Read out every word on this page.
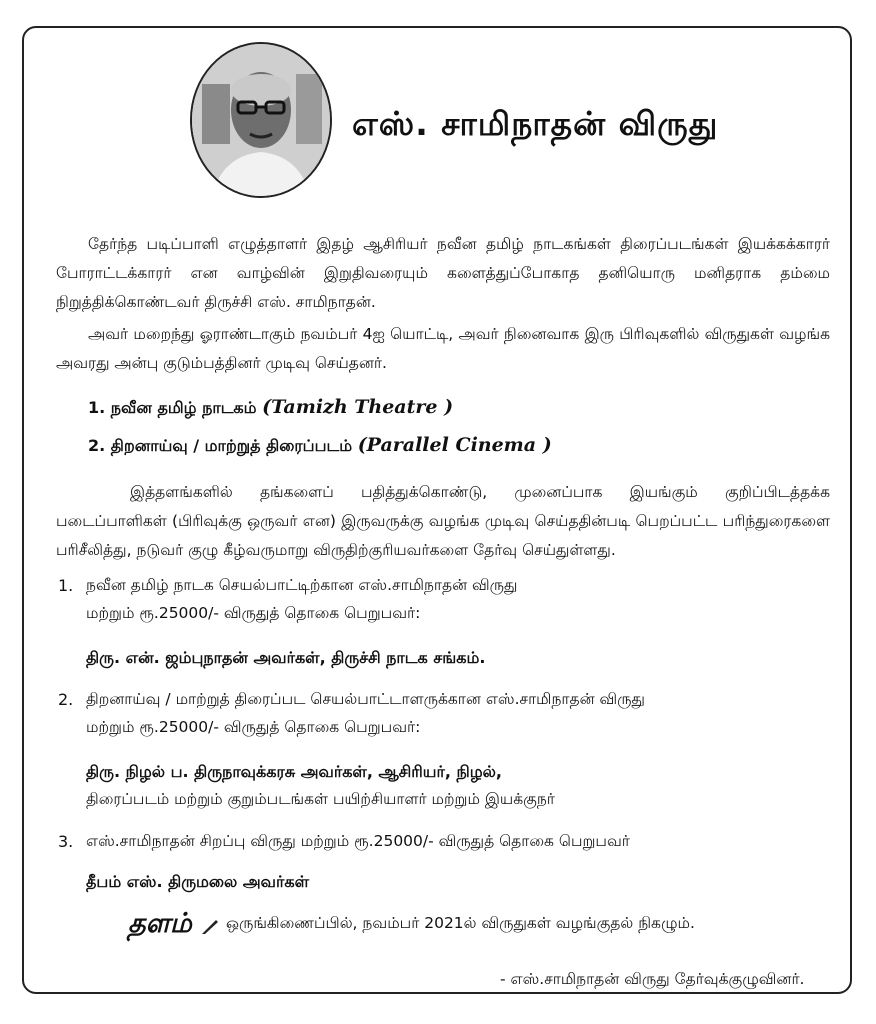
எஸ். சாமிநாதன் விருது

தேர்ந்த படிப்பாளி எழுத்தாளர் இதழ் ஆசிரியர் நவீன தமிழ் நாடகங்கள் திரைப்படங்கள் இயக்கக்காரர் போராட்டக்காரர் என வாழ்வின் இறுதிவரையும் களைத்துப்போகாத தனியொரு மனிதராக தம்மை நிறுத்திக்கொண்டவர் திருச்சி எஸ். சாமிநாதன்.

அவர் மறைந்து ஓராண்டாகும் நவம்பர் 4ஐ யொட்டி, அவர் நினைவாக இரு பிரிவுகளில் விருதுகள் வழங்க அவரது அன்பு குடும்பத்தினர் முடிவு செய்தனர்.

1. நவீன தமிழ் நாடகம் (Tamizh Theatre )
2. திறனாய்வு / மாற்றுத் திரைப்படம் (Parallel Cinema )

இத்தளங்களில் தங்களைப் பதித்துக்கொண்டு, முனைப்பாக இயங்கும் குறிப்பிடத்தக்க படைப்பாளிகள் (பிரிவுக்கு ஒருவர் என) இருவருக்கு வழங்க முடிவு செய்ததின்படி பெறப்பட்ட பரிந்துரைகளை பரிசீலித்து, நடுவர் குழு கீழ்வருமாறு விருதிற்குரியவர்களை தேர்வு செய்துள்ளது.

1. நவீன தமிழ் நாடக செயல்பாட்டிற்கான எஸ்.சாமிநாதன் விருது
மற்றும் ரூ.25000/- விருதுத் தொகை பெறுபவர்:
திரு. என். ஜம்புநாதன் அவர்கள், திருச்சி நாடக சங்கம்.
2. திறனாய்வு / மாற்றுத் திரைப்பட செயல்பாட்டாளருக்கான எஸ்.சாமிநாதன் விருது
மற்றும் ரூ.25000/- விருதுத் தொகை பெறுபவர்:
திரு. நிழல் ப. திருநாவுக்கரசு அவர்கள், ஆசிரியர், நிழல்,
திரைப்படம் மற்றும் குறும்படங்கள் பயிற்சியாளர் மற்றும் இயக்குநர்
3. எஸ்.சாமிநாதன் சிறப்பு விருது மற்றும் ரூ.25000/- விருதுத் தொகை பெறுபவர்
தீபம் எஸ். திருமலை அவர்கள்
தளம் ஒருங்கிணைப்பில், நவம்பர் 2021ல் விருதுகள் வழங்குதல் நிகழும்.
- எஸ்.சாமிநாதன் விருது தேர்வுக்குழுவினர்.
